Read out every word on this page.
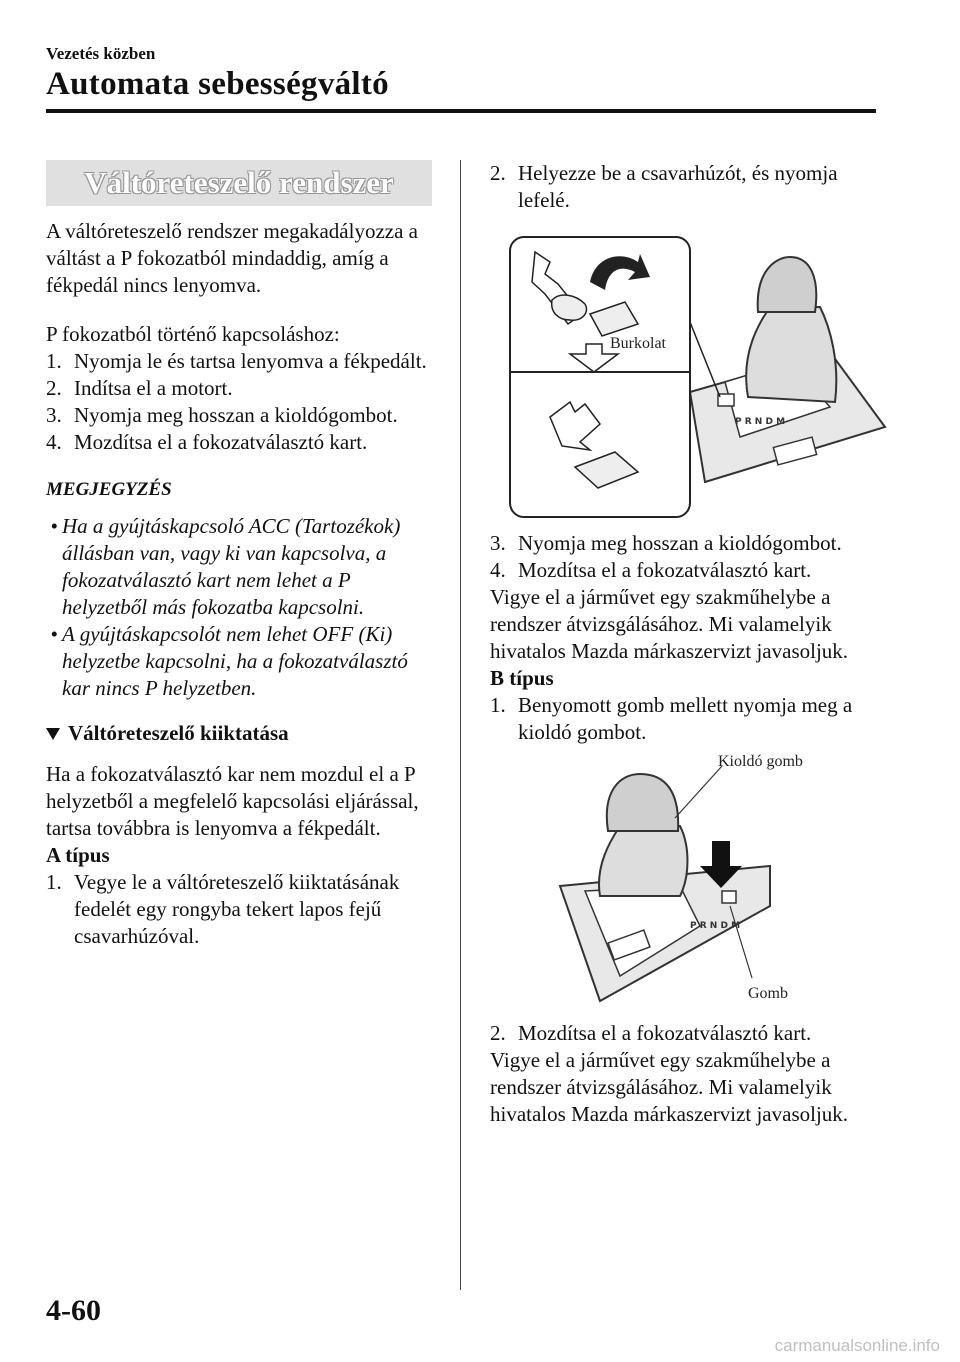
Vezetés közben
Automata sebességváltó
Váltóreteszelő rendszer

A váltóreteszelő rendszer megakadályozza a váltást a P fokozatból mindaddig, amíg a fékpedál nincs lenyomva.

P fokozatból történő kapcsoláshoz:

1. Nyomja le és tartsa lenyomva a fékpedált.
2. Indítsa el a motort.
3. Nyomja meg hosszan a kioldógombot.
4. Mozdítsa el a fokozatválasztó kart.
MEGJEGYZÉS
• Ha a gyújtáskapcsoló ACC (Tartozékok) állásban van, vagy ki van kapcsolva, a fokozatválasztó kart nem lehet a P helyzetből más fokozatba kapcsolni.
• A gyújtáskapcsolót nem lehet OFF (Ki) helyzetbe kapcsolni, ha a fokozatválasztó kar nincs P helyzetben.
Váltóreteszelő kiiktatása

Ha a fokozatválasztó kar nem mozdul el a P helyzetből a megfelelő kapcsolási eljárással, tartsa továbbra is lenyomva a fékpedált.

A típus

1. Vegye le a váltóreteszelő kiiktatásának fedelét egy rongyba tekert lapos fejű csavarhúzóval.
2. Helyezze be a csavarhúzót, és nyomja lefelé.
P R N D M
Burkolat
3. Nyomja meg hosszan a kioldógombot.
4. Mozdítsa el a fokozatválasztó kart.

Vigye el a járművet egy szakműhelybe a rendszer átvizsgálásához. Mi valamelyik hivatalos Mazda márkaszervizt javasoljuk.

B típus

1. Benyomott gomb mellett nyomja meg a kioldó gombot.
P R N D M
Kioldó gomb
Gomb
2. Mozdítsa el a fokozatválasztó kart.

Vigye el a járművet egy szakműhelybe a rendszer átvizsgálásához. Mi valamelyik hivatalos Mazda márkaszervizt javasoljuk.

4-60
carmanualsonline.info
